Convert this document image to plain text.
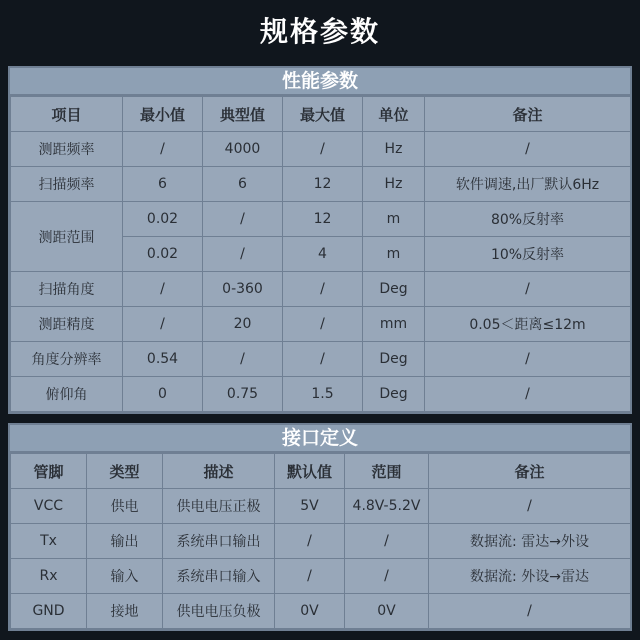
规格参数
性能参数
项目	最小值	典型值	最大值	单位	备注
测距频率	/	4000	/	Hz	/
扫描频率	6	6	12	Hz	软件调速,出厂默认6Hz
测距范围	0.02	/	12	m	80%反射率
	0.02	/	4	m	10%反射率
扫描角度	/	0-360	/	Deg	/
测距精度	/	20	/	mm	0.05＜距离≤12m
角度分辨率	0.54	/	/	Deg	/
俯仰角	0	0.75	1.5	Deg	/
接口定义
管脚	类型	描述	默认值	范围	备注
VCC	供电	供电电压正极	5V	4.8V-5.2V	/
Tx	输出	系统串口输出	/	/	数据流: 雷达→外设
Rx	输入	系统串口输入	/	/	数据流: 外设→雷达
GND	接地	供电电压负极	0V	0V	/
